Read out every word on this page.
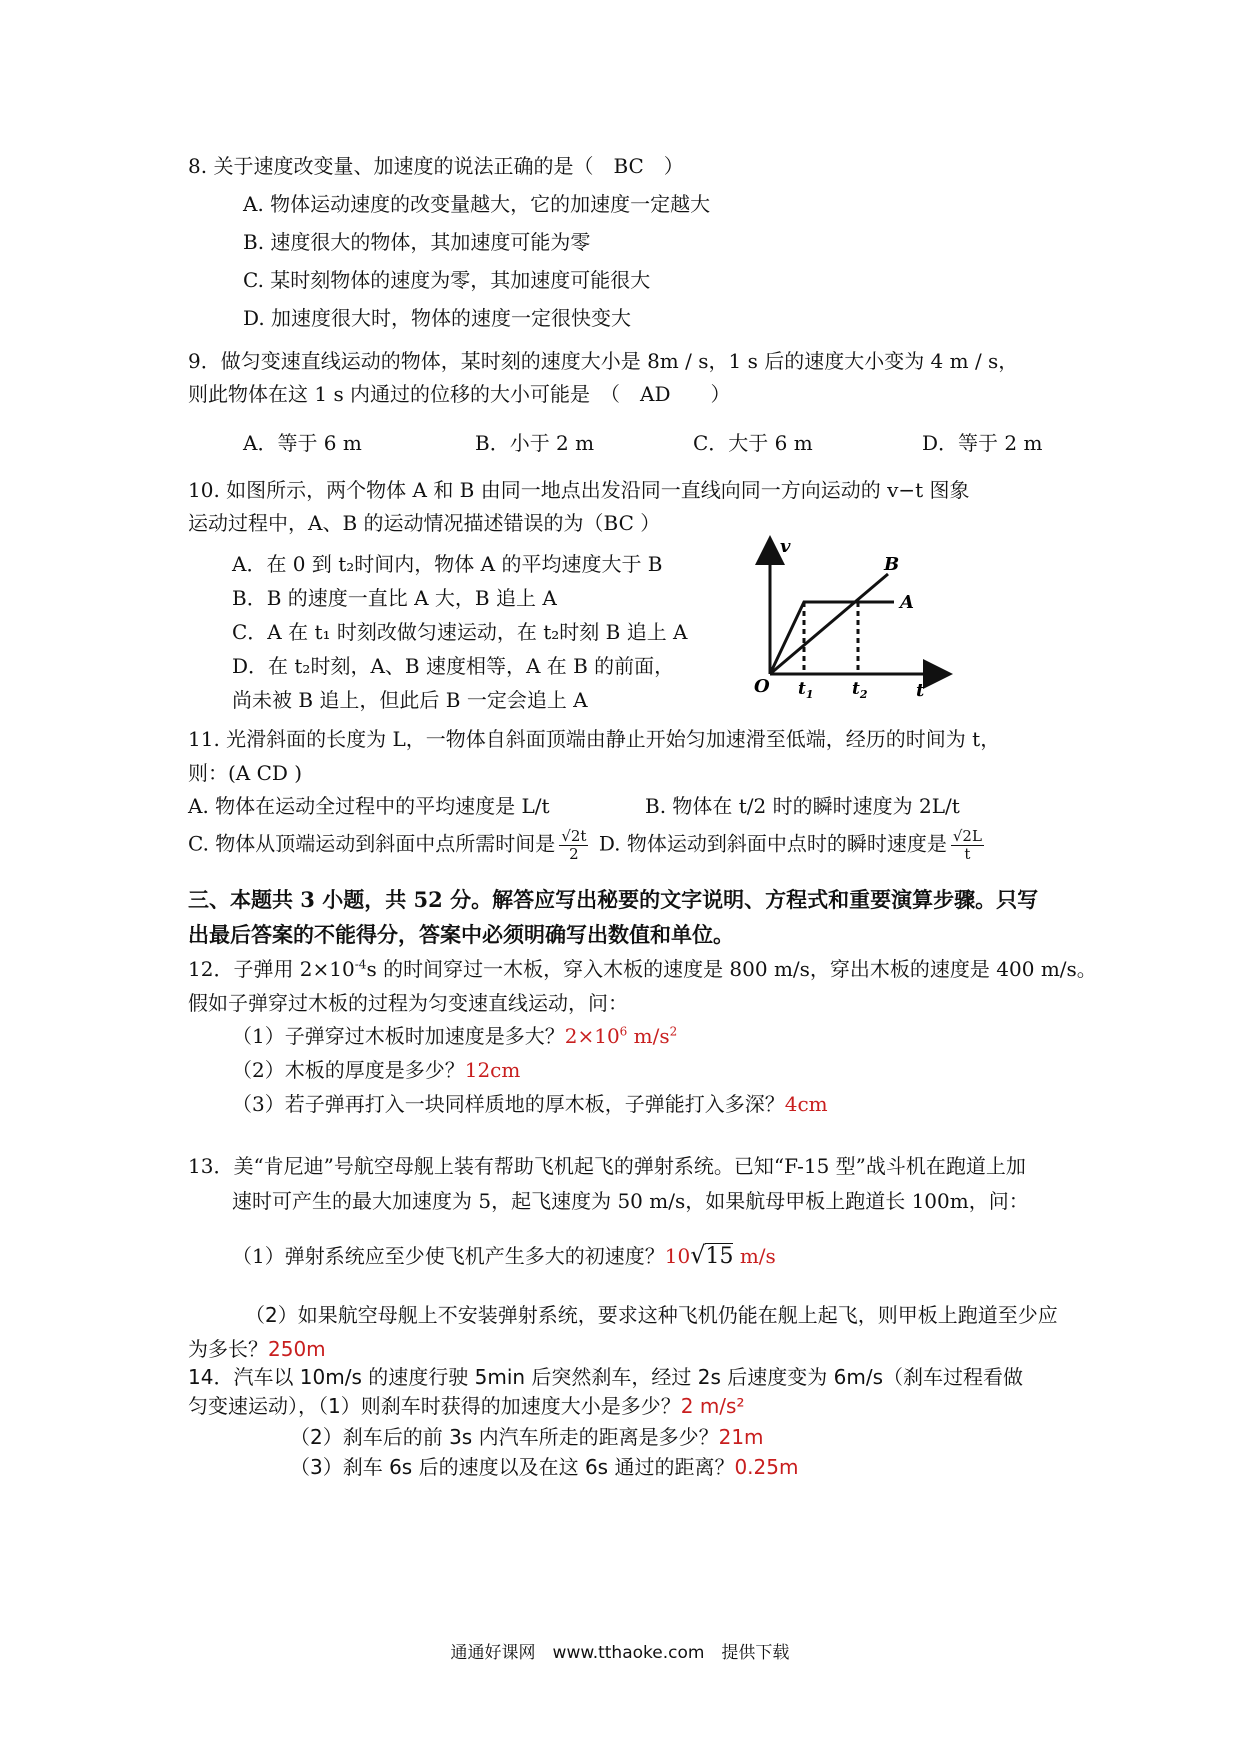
8. 关于速度改变量、加速度的说法正确的是（　BC　）
A. 物体运动速度的改变量越大，它的加速度一定越大
B. 速度很大的物体，其加速度可能为零
C. 某时刻物体的速度为零，其加速度可能很大
D. 加速度很大时，物体的速度一定很快变大
9．做匀变速直线运动的物体，某时刻的速度大小是 8m / s，1 s 后的速度大小变为 4 m / s，
则此物体在这 1 s 内通过的位移的大小可能是　（　AD　　）
A．等于 6 m	B．小于 2 m	C．大于 6 m	D．等于 2 m
10. 如图所示，两个物体 A 和 B 由同一地点出发沿同一直线向同一方向运动的 v−t 图象
运动过程中，A、B 的运动情况描述错误的为（BC ）
A．在 0 到 t₂时间内，物体 A 的平均速度大于 B
B．B 的速度一直比 A 大，B 追上 A
C．A 在 t₁ 时刻改做匀速运动，在 t₂时刻 B 追上 A
D．在 t₂时刻，A、B 速度相等，A 在 B 的前面，
尚未被 B 追上，但此后 B 一定会追上 A
v
t
O $t_1$ $t_2$
A
B
11. 光滑斜面的长度为 L，一物体自斜面顶端由静止开始匀加速滑至低端，经历的时间为 t，
则：(A CD )
A. 物体在运动全过程中的平均速度是 L/t	B. 物体在 t/2 时的瞬时速度为 2L/t
C. 物体从顶端运动到斜面中点所需时间是 $\frac{√2t}{2} D$. 物体运动到斜面中点时的瞬时速度是 $\frac{√2L}{t}$
三、本题共 3 小题，共 52 分。解答应写出秘要的文字说明、方程式和重要演算步骤。只写
出最后答案的不能得分，答案中必须明确写出数值和单位。
12．子弹用 $2\times 10^{-4}s$ 的时间穿过一木板，穿入木板的速度是 800 m/s，穿出木板的速度是 400 m/s。
假如子弹穿过木板的过程为匀变速直线运动，问：
（1）子弹穿过木板时加速度是多大？$2\times 10^6$ $m/s^2$
（2）木板的厚度是多少？12cm
（3）若子弹再打入一块同样质地的厚木板，子弹能打入多深？4cm
13．美“肯尼迪”号航空母舰上装有帮助飞机起飞的弹射系统。已知“F-15 型”战斗机在跑道上加
速时可产生的最大加速度为 5，起飞速度为 50 m/s，如果航母甲板上跑道长 100m，问：
（1）弹射系统应至少使飞机产生多大的初速度？10√15 m/s
（2）如果航空母舰上不安装弹射系统，要求这种飞机仍能在舰上起飞，则甲板上跑道至少应
为多长？250m
14．汽车以 10m/s 的速度行驶 5min 后突然刹车，经过 2s 后速度变为 6m/s（刹车过程看做
匀变速运动），（1）则刹车时获得的加速度大小是多少？2 m/s²
（2）刹车后的前 3s 内汽车所走的距离是多少？21m
（3）刹车 6s 后的速度以及在这 6s 通过的距离？0.25m
通通好课网　www.tthaoke.com　提供下载
